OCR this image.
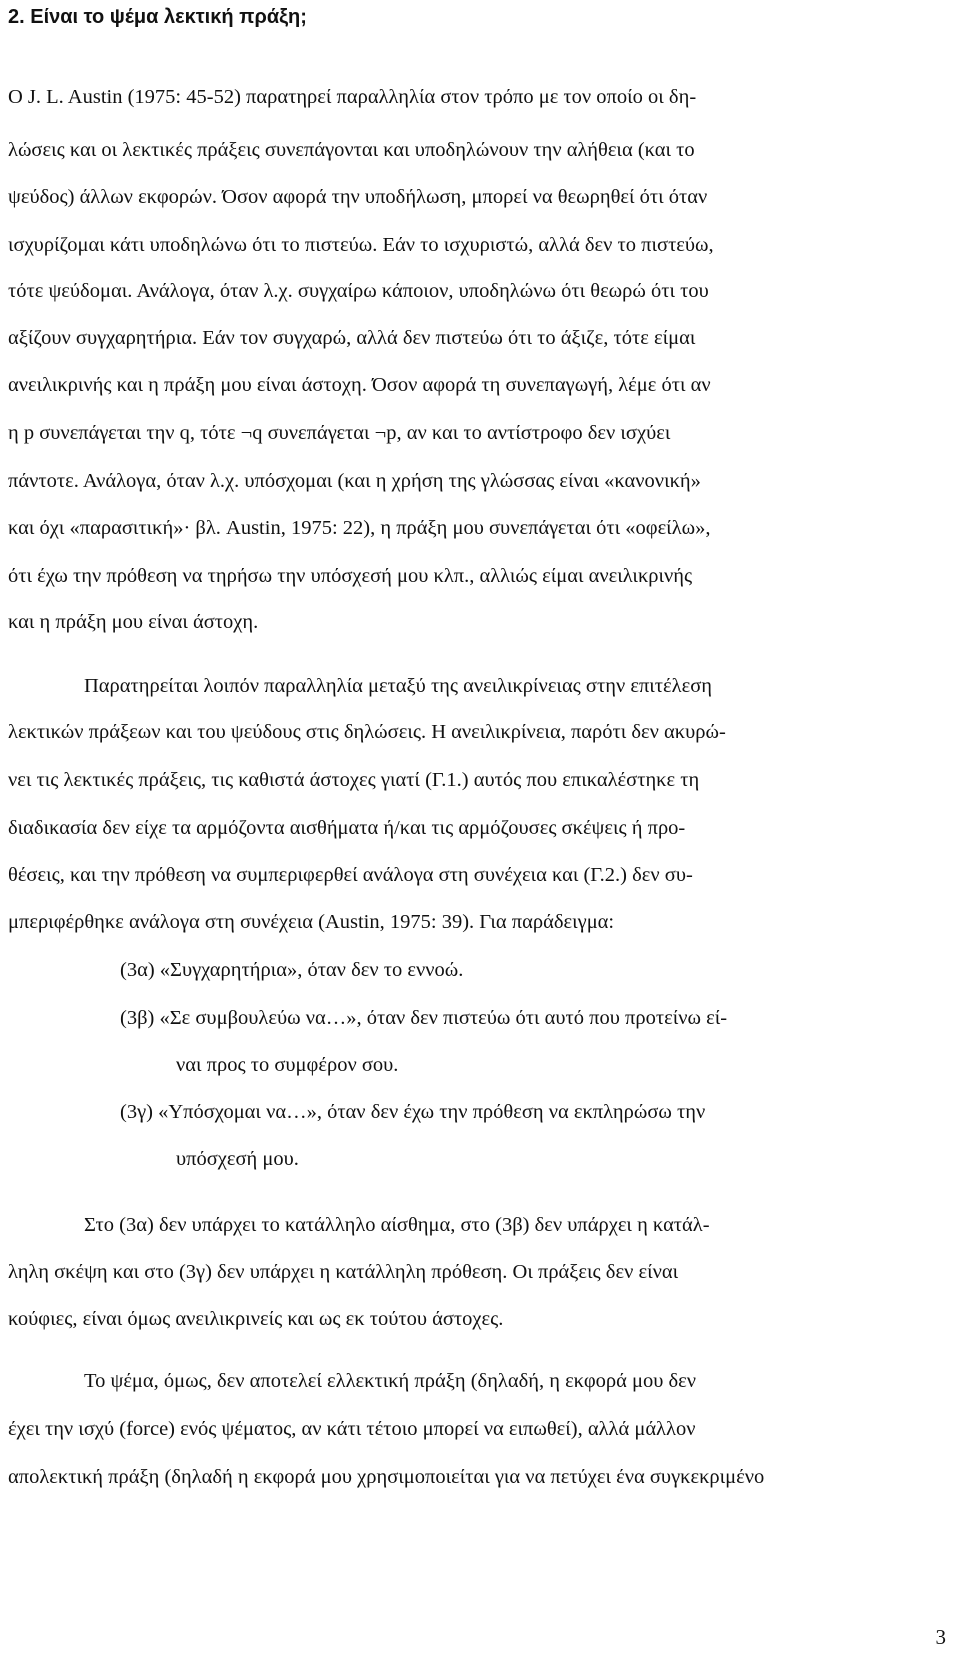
2. Είναι το ψέμα λεκτική πράξη;
Ο J. L. Austin (1975: 45-52) παρατηρεί παραλληλία στον τρόπο με τον οποίο οι δη-
λώσεις και οι λεκτικές πράξεις συνεπάγονται και υποδηλώνουν την αλήθεια (και το
ψεύδος) άλλων εκφορών. Όσον αφορά την υποδήλωση, μπορεί να θεωρηθεί ότι όταν
ισχυρίζομαι κάτι υποδηλώνω ότι το πιστεύω. Εάν το ισχυριστώ, αλλά δεν το πιστεύω,
τότε ψεύδομαι. Ανάλογα, όταν λ.χ. συγχαίρω κάποιον, υποδηλώνω ότι θεωρώ ότι του
αξίζουν συγχαρητήρια. Εάν τον συγχαρώ, αλλά δεν πιστεύω ότι το άξιζε, τότε είμαι
ανειλικρινής και η πράξη μου είναι άστοχη. Όσον αφορά τη συνεπαγωγή, λέμε ότι αν
η p συνεπάγεται την q, τότε ¬q συνεπάγεται ¬p, αν και το αντίστροφο δεν ισχύει
πάντοτε. Ανάλογα, όταν λ.χ. υπόσχομαι (και η χρήση της γλώσσας είναι «κανονική»
και όχι «παρασιτική»· βλ. Austin, 1975: 22), η πράξη μου συνεπάγεται ότι «οφείλω»,
ότι έχω την πρόθεση να τηρήσω την υπόσχεσή μου κλπ., αλλιώς είμαι ανειλικρινής
και η πράξη μου είναι άστοχη.
Παρατηρείται λοιπόν παραλληλία μεταξύ της ανειλικρίνειας στην επιτέλεση
λεκτικών πράξεων και του ψεύδους στις δηλώσεις. Η ανειλικρίνεια, παρότι δεν ακυρώ-
νει τις λεκτικές πράξεις, τις καθιστά άστοχες γιατί (Γ.1.) αυτός που επικαλέστηκε τη
διαδικασία δεν είχε τα αρμόζοντα αισθήματα ή/και τις αρμόζουσες σκέψεις ή προ-
θέσεις, και την πρόθεση να συμπεριφερθεί ανάλογα στη συνέχεια και (Γ.2.) δεν συ-
μπεριφέρθηκε ανάλογα στη συνέχεια (Austin, 1975: 39). Για παράδειγμα:
(3α) «Συγχαρητήρια», όταν δεν το εννοώ.
(3β) «Σε συμβουλεύω να…», όταν δεν πιστεύω ότι αυτό που προτείνω εί-
ναι προς το συμφέρον σου.
(3γ) «Υπόσχομαι να…», όταν δεν έχω την πρόθεση να εκπληρώσω την
υπόσχεσή μου.
Στο (3α) δεν υπάρχει το κατάλληλο αίσθημα, στο (3β) δεν υπάρχει η κατάλ-
ληλη σκέψη και στο (3γ) δεν υπάρχει η κατάλληλη πρόθεση. Οι πράξεις δεν είναι
κούφιες, είναι όμως ανειλικρινείς και ως εκ τούτου άστοχες.
Το ψέμα, όμως, δεν αποτελεί ελλεκτική πράξη (δηλαδή, η εκφορά μου δεν
έχει την ισχύ (force) ενός ψέματος, αν κάτι τέτοιο μπορεί να ειπωθεί), αλλά μάλλον
απολεκτική πράξη (δηλαδή η εκφορά μου χρησιμοποιείται για να πετύχει ένα συγκεκριμένο
3
